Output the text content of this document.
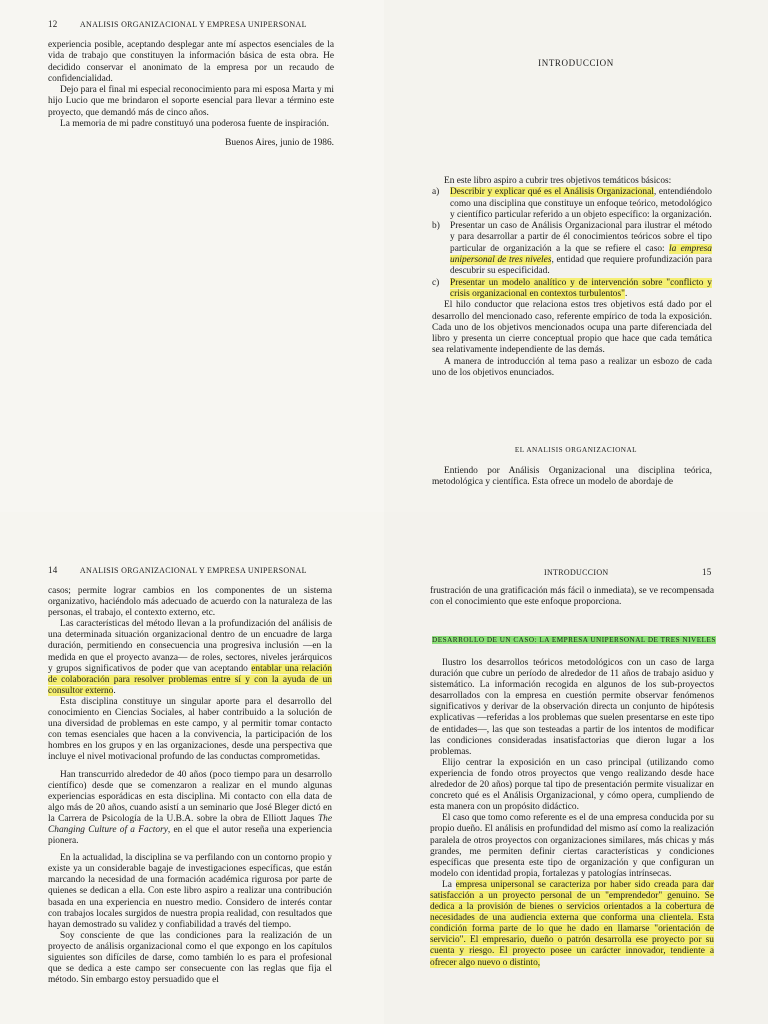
12	ANALISIS ORGANIZACIONAL Y EMPRESA UNIPERSONAL

experiencia posible, aceptando desplegar ante mí aspectos esenciales de la vida de trabajo que constituyen la información básica de esta obra. He decidido conservar el anonimato de la empresa por un recaudo de confidencialidad.

Dejo para el final mi especial reconocimiento para mi esposa Marta y mi hijo Lucio que me brindaron el soporte esencial para llevar a término este proyecto, que demandó más de cinco años.

La memoria de mi padre constituyó una poderosa fuente de inspiración.

Buenos Aires, junio de 1986.

INTRODUCCION

En este libro aspiro a cubrir tres objetivos temáticos básicos:

a) Describir y explicar qué es el Análisis Organizacional, entendiéndolo como una disciplina que constituye un enfoque teórico, metodológico y científico particular referido a un objeto específico: la organización.
b) Presentar un caso de Análisis Organizacional para ilustrar el método y para desarrollar a partir de él conocimientos teóricos sobre el tipo particular de organización a la que se refiere el caso: la empresa unipersonal de tres niveles, entidad que requiere profundización para descubrir su especificidad.
c) Presentar un modelo analítico y de intervención sobre "conflicto y crisis organizacional en contextos turbulentos".

El hilo conductor que relaciona estos tres objetivos está dado por el desarrollo del mencionado caso, referente empírico de toda la exposición. Cada uno de los objetivos mencionados ocupa una parte diferenciada del libro y presenta un cierre conceptual propio que hace que cada temática sea relativamente independiente de las demás.

A manera de introducción al tema paso a realizar un esbozo de cada uno de los objetivos enunciados.

EL ANALISIS ORGANIZACIONAL

Entiendo por Análisis Organizacional una disciplina teórica, metodológica y científica. Esta ofrece un modelo de abordaje de

14	ANALISIS ORGANIZACIONAL Y EMPRESA UNIPERSONAL

casos; permite lograr cambios en los componentes de un sistema organizativo, haciéndolo más adecuado de acuerdo con la naturaleza de las personas, el trabajo, el contexto externo, etc.

Las características del método llevan a la profundización del análisis de una determinada situación organizacional dentro de un encuadre de larga duración, permitiendo en consecuencia una progresiva inclusión —en la medida en que el proyecto avanza— de roles, sectores, niveles jerárquicos y grupos significativos de poder que van aceptando entablar una relación de colaboración para resolver problemas entre sí y con la ayuda de un consultor externo.

Esta disciplina constituye un singular aporte para el desarrollo del conocimiento en Ciencias Sociales, al haber contribuido a la solución de una diversidad de problemas en este campo, y al permitir tomar contacto con temas esenciales que hacen a la convivencia, la participación de los hombres en los grupos y en las organizaciones, desde una perspectiva que incluye el nivel motivacional profundo de las conductas comprometidas.

Han transcurrido alrededor de 40 años (poco tiempo para un desarrollo científico) desde que se comenzaron a realizar en el mundo algunas experiencias esporádicas en esta disciplina. Mi contacto con ella data de algo más de 20 años, cuando asistí a un seminario que José Bleger dictó en la Carrera de Psicología de la U.B.A. sobre la obra de Elliott Jaques The Changing Culture of a Factory, en el que el autor reseña una experiencia pionera.

En la actualidad, la disciplina se va perfilando con un contorno propio y existe ya un considerable bagaje de investigaciones específicas, que están marcando la necesidad de una formación académica rigurosa por parte de quienes se dedican a ella. Con este libro aspiro a realizar una contribución basada en una experiencia en nuestro medio. Considero de interés contar con trabajos locales surgidos de nuestra propia realidad, con resultados que hayan demostrado su validez y confiabilidad a través del tiempo.

Soy consciente de que las condiciones para la realización de un proyecto de análisis organizacional como el que expongo en los capítulos siguientes son difíciles de darse, como también lo es para el profesional que se dedica a este campo ser consecuente con las reglas que fija el método. Sin embargo estoy persuadido que el

INTRODUCCION	15

frustración de una gratificación más fácil o inmediata), se ve recompensada con el conocimiento que este enfoque proporciona.

DESARROLLO DE UN CASO: LA EMPRESA UNIPERSONAL DE TRES NIVELES

Ilustro los desarrollos teóricos metodológicos con un caso de larga duración que cubre un período de alrededor de 11 años de trabajo asiduo y sistemático. La información recogida en algunos de los sub-proyectos desarrollados con la empresa en cuestión permite observar fenómenos significativos y derivar de la observación directa un conjunto de hipótesis explicativas —referidas a los problemas que suelen presentarse en este tipo de entidades—, las que son testeadas a partir de los intentos de modificar las condiciones consideradas insatisfactorias que dieron lugar a los problemas.

Elijo centrar la exposición en un caso principal (utilizando como experiencia de fondo otros proyectos que vengo realizando desde hace alrededor de 20 años) porque tal tipo de presentación permite visualizar en concreto qué es el Análisis Organizacional, y cómo opera, cumpliendo de esta manera con un propósito didáctico.

El caso que tomo como referente es el de una empresa conducida por su propio dueño. El análisis en profundidad del mismo así como la realización paralela de otros proyectos con organizaciones similares, más chicas y más grandes, me permiten definir ciertas características y condiciones específicas que presenta este tipo de organización y que configuran un modelo con identidad propia, fortalezas y patologías intrínsecas.

La empresa unipersonal se caracteriza por haber sido creada para dar satisfacción a un proyecto personal de un "emprendedor" genuino. Se dedica a la provisión de bienes o servicios orientados a la cobertura de necesidades de una audiencia externa que conforma una clientela. Esta condición forma parte de lo que he dado en llamarse "orientación de servicio". El empresario, dueño o patrón desarrolla ese proyecto por su cuenta y riesgo. El proyecto posee un carácter innovador, tendiente a ofrecer algo nuevo o distinto,
